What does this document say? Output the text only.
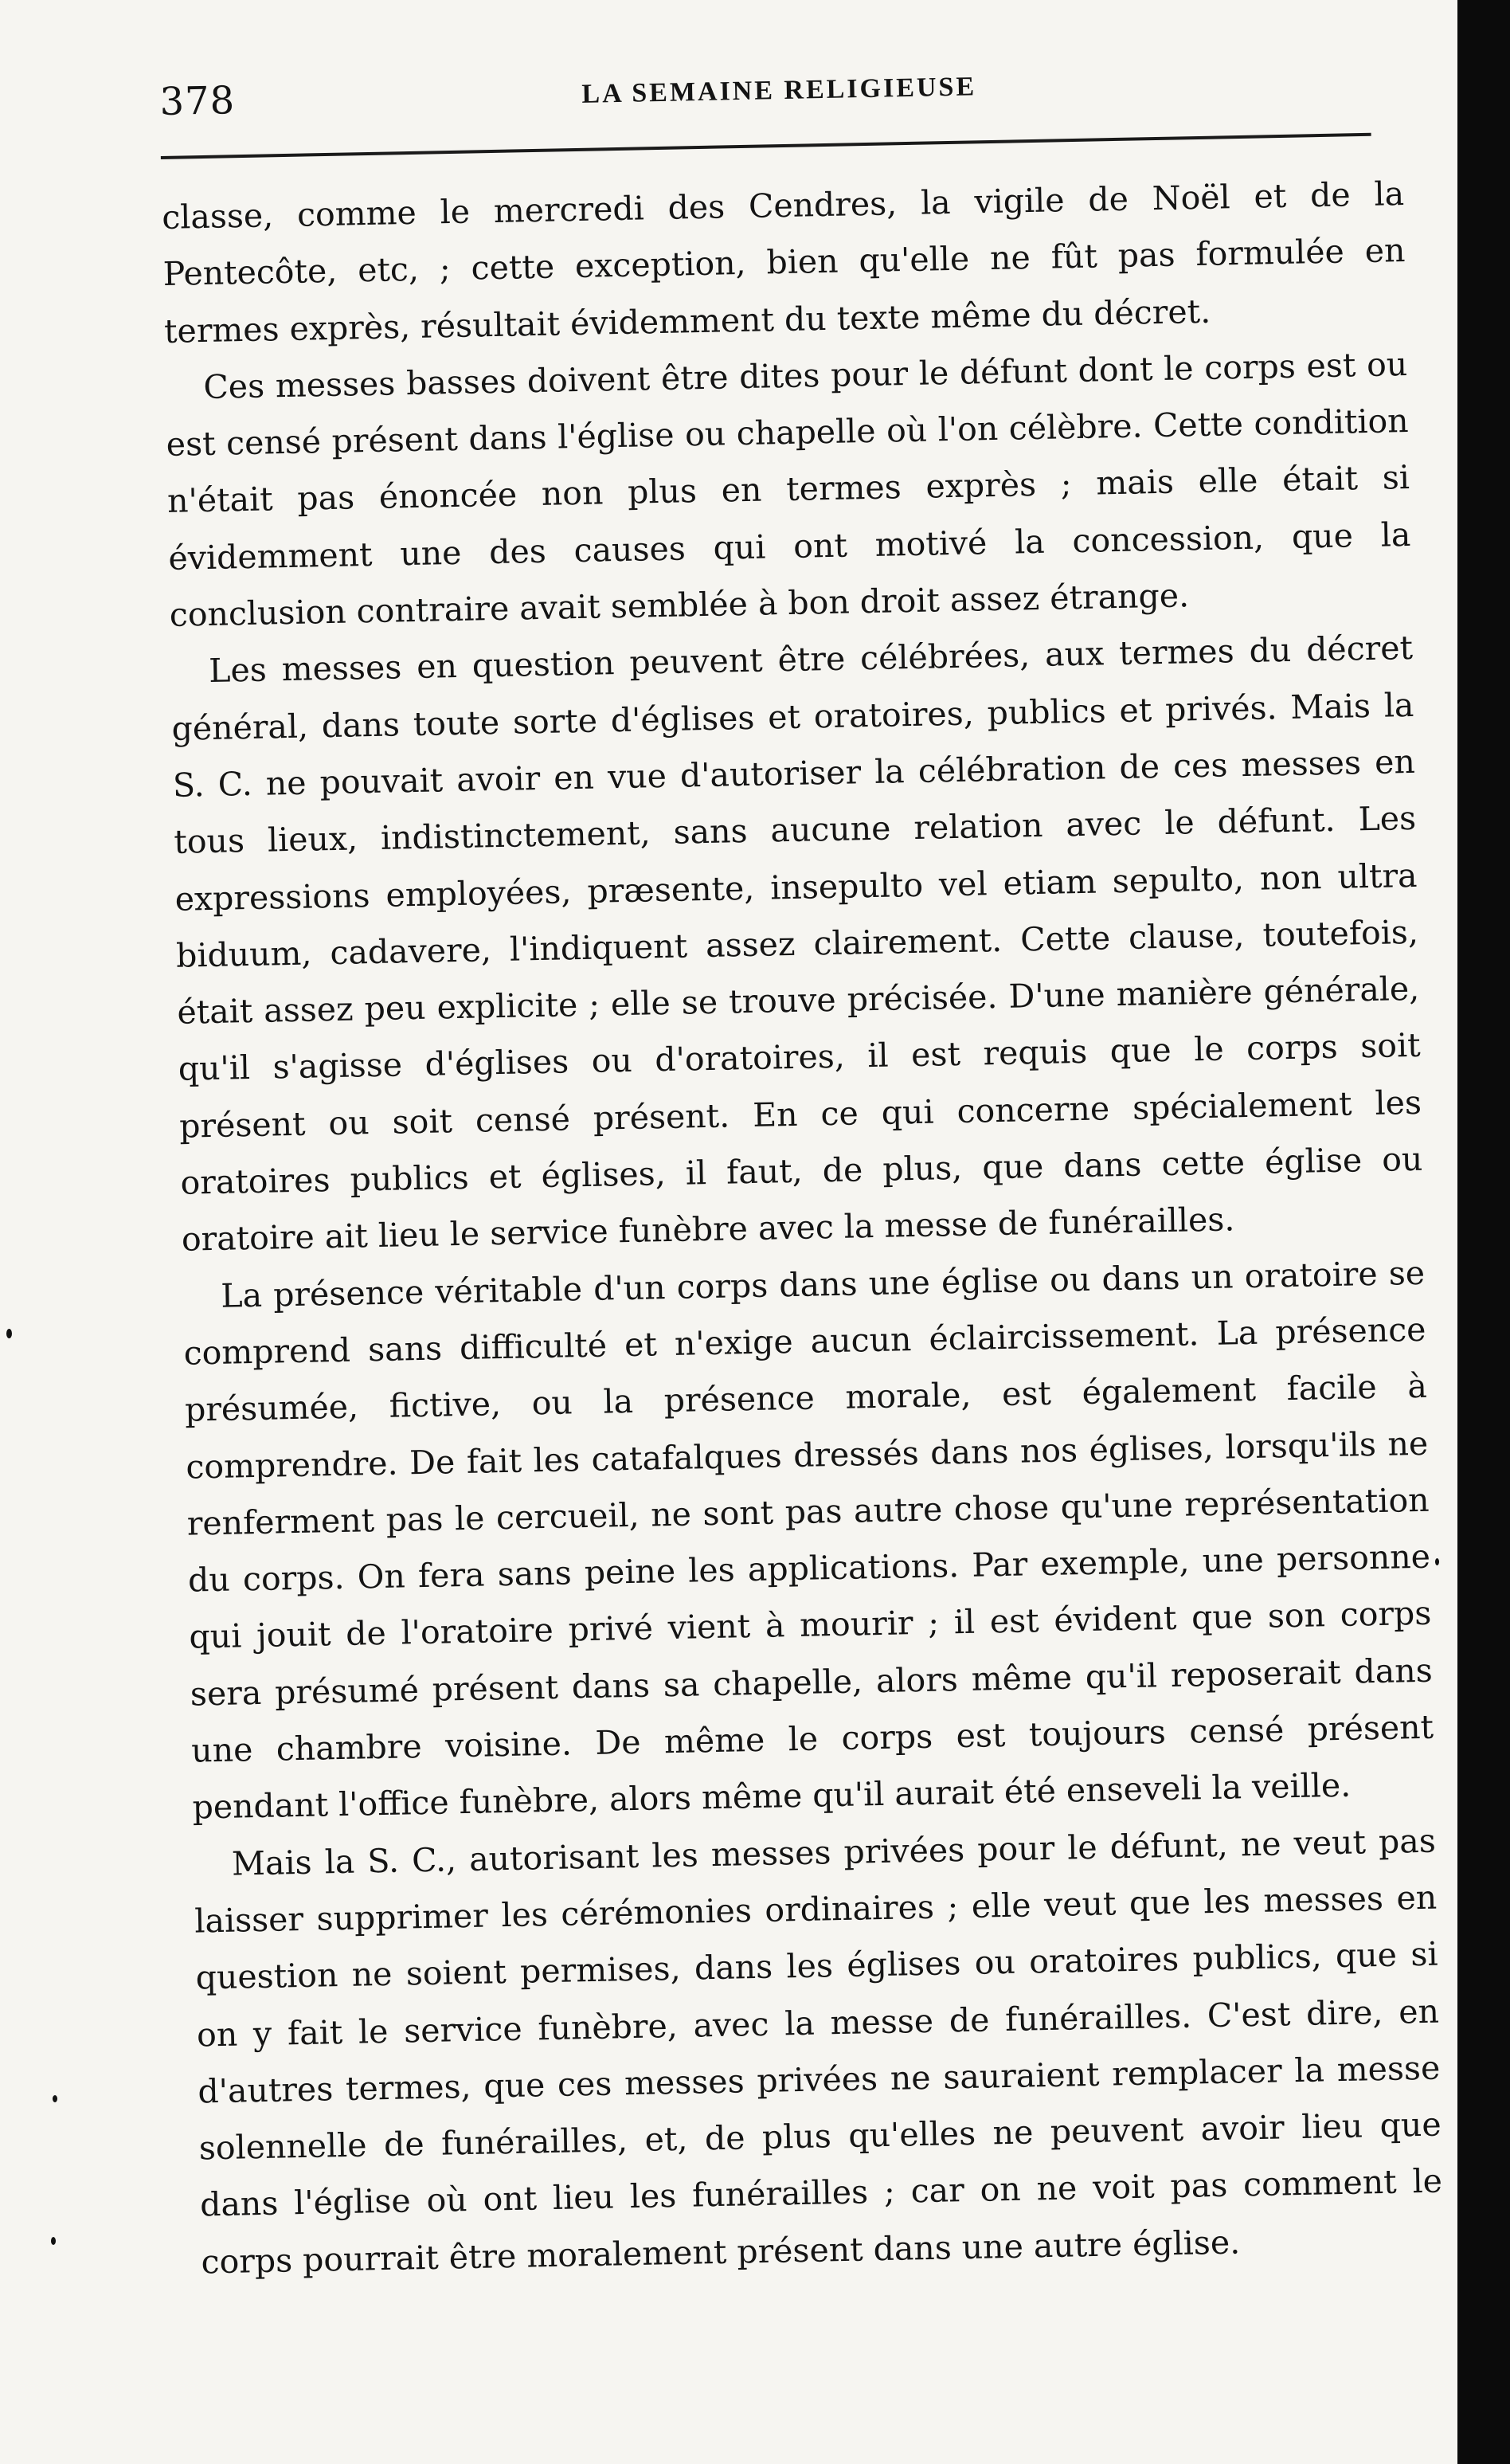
378	LA SEMAINE RELIGIEUSE

classe, comme le mercredi des Cendres, la vigile de Noël et de la Pentecôte, etc, ; cette exception, bien qu'elle ne fût pas formulée en termes exprès, résultait évidemment du texte même du décret.

Ces messes basses doivent être dites pour le défunt dont le corps est ou est censé présent dans l'église ou chapelle où l'on célèbre. Cette condition n'était pas énoncée non plus en termes exprès ; mais elle était si évidemment une des causes qui ont motivé la concession, que la conclusion contraire avait semblée à bon droit assez étrange.

Les messes en question peuvent être célébrées, aux termes du décret général, dans toute sorte d'églises et oratoires, publics et privés. Mais la S. C. ne pouvait avoir en vue d'autoriser la célébration de ces messes en tous lieux, indistinctement, sans aucune relation avec le défunt. Les expressions employées, præsente, insepulto vel etiam sepulto, non ultra biduum, cadavere, l'indiquent assez clairement. Cette clause, toutefois, était assez peu explicite ; elle se trouve précisée. D'une manière générale, qu'il s'agisse d'églises ou d'oratoires, il est requis que le corps soit présent ou soit censé présent. En ce qui concerne spécialement les oratoires publics et églises, il faut, de plus, que dans cette église ou oratoire ait lieu le service funèbre avec la messe de funérailles.

La présence véritable d'un corps dans une église ou dans un oratoire se comprend sans difficulté et n'exige aucun éclaircissement. La présence présumée, fictive, ou la présence morale, est également facile à comprendre. De fait les catafalques dressés dans nos églises, lorsqu'ils ne renferment pas le cercueil, ne sont pas autre chose qu'une représentation du corps. On fera sans peine les applications. Par exemple, une personne qui jouit de l'oratoire privé vient à mourir ; il est évident que son corps sera présumé présent dans sa chapelle, alors même qu'il reposerait dans une chambre voisine. De même le corps est toujours censé présent pendant l'office funèbre, alors même qu'il aurait été enseveli la veille.

Mais la S. C., autorisant les messes privées pour le défunt, ne veut pas laisser supprimer les cérémonies ordinaires ; elle veut que les messes en question ne soient permises, dans les églises ou oratoires publics, que si on y fait le service funèbre, avec la messe de funérailles. C'est dire, en d'autres termes, que ces messes privées ne sauraient remplacer la messe solennelle de funérailles, et, de plus qu'elles ne peuvent avoir lieu que dans l'église où ont lieu les funérailles ; car on ne voit pas comment le corps pourrait être moralement présent dans une autre église.
